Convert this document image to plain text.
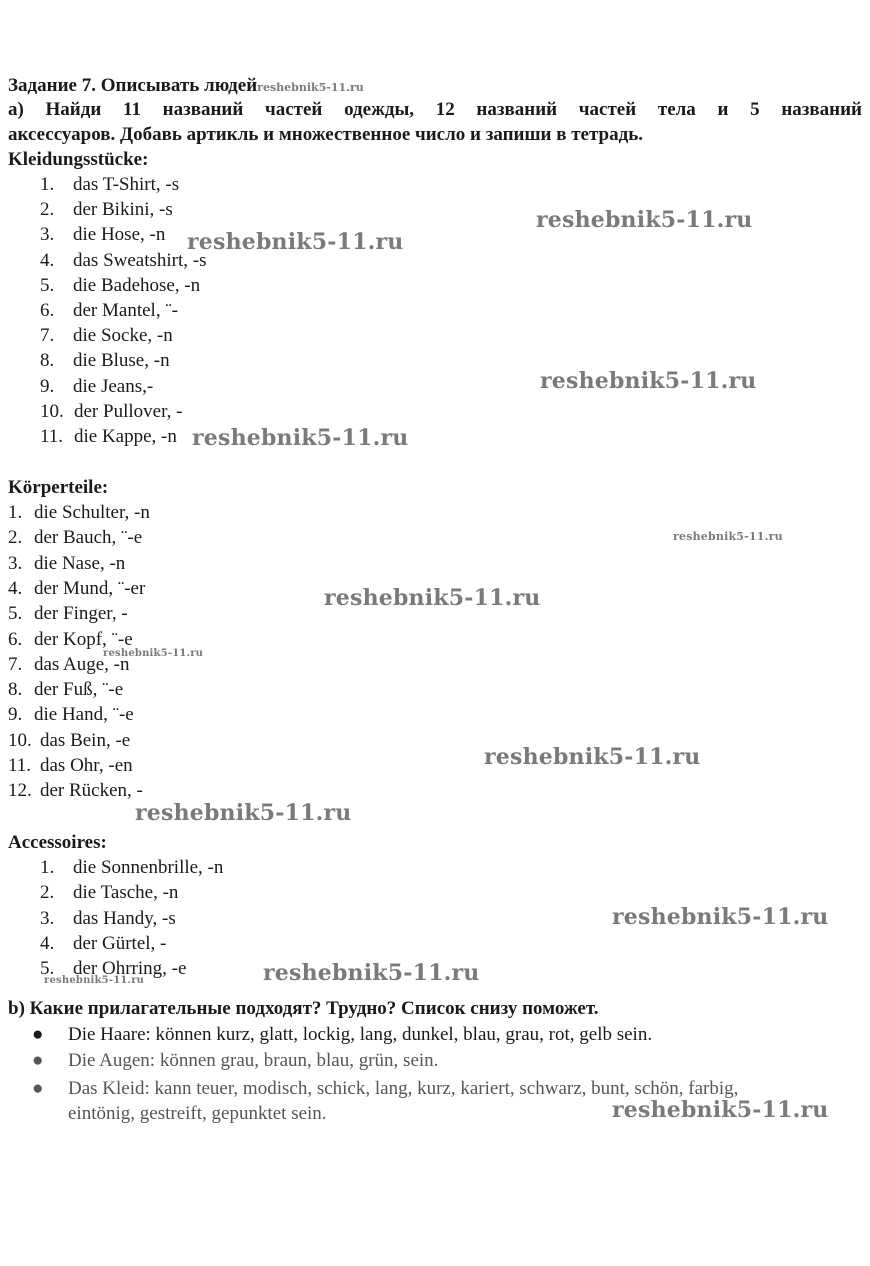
Задание 7. Описывать людейreshebnik5-11.ru
а) Найди 11 названий частей одежды, 12 названий частей тела и 5 названий
аксессуаров. Добавь артикль и множественное число и запиши в тетрадь.
Kleidungsstücke:
1. das T-Shirt, -s
2. der Bikini, -s
3. die Hose, -n
4. das Sweatshirt, -s
5. die Badehose, -n
6. der Mantel, ¨-
7. die Socke, -n
8. die Bluse, -n
9. die Jeans,-
10. der Pullover, -
11. die Kappe, -n
Körperteile:
1. die Schulter, -n
2. der Bauch, ¨-e
3. die Nase, -n
4. der Mund, ¨-er
5. der Finger, -
6. der Kopf, ¨-e
7. das Auge, -n
8. der Fuß, ¨-e
9. die Hand, ¨-e
10. das Bein, -e
11. das Ohr, -en
12. der Rücken, -
Accessoires:
1. die Sonnenbrille, -n
2. die Tasche, -n
3. das Handy, -s
4. der Gürtel, -
5. der Ohrring, -e
b) Какие прилагательные подходят? Трудно? Список снизу поможет.
● Die Haare: können kurz, glatt, lockig, lang, dunkel, blau, grau, rot, gelb sein.
● Die Augen: können grau, braun, blau, grün, sein.
● Das Kleid: kann teuer, modisch, schick, lang, kurz, kariert, schwarz, bunt, schön, farbig,
eintönig, gestreift, gepunktet sein.
reshebnik5-11.ru
reshebnik5-11.ru
reshebnik5-11.ru
reshebnik5-11.ru
reshebnik5-11.ru
reshebnik5-11.ru
reshebnik5-11.ru
reshebnik5-11.ru
reshebnik5-11.ru
reshebnik5-11.ru
reshebnik5-11.ru	reshebnik5-11.ru
reshebnik5-11.ru
